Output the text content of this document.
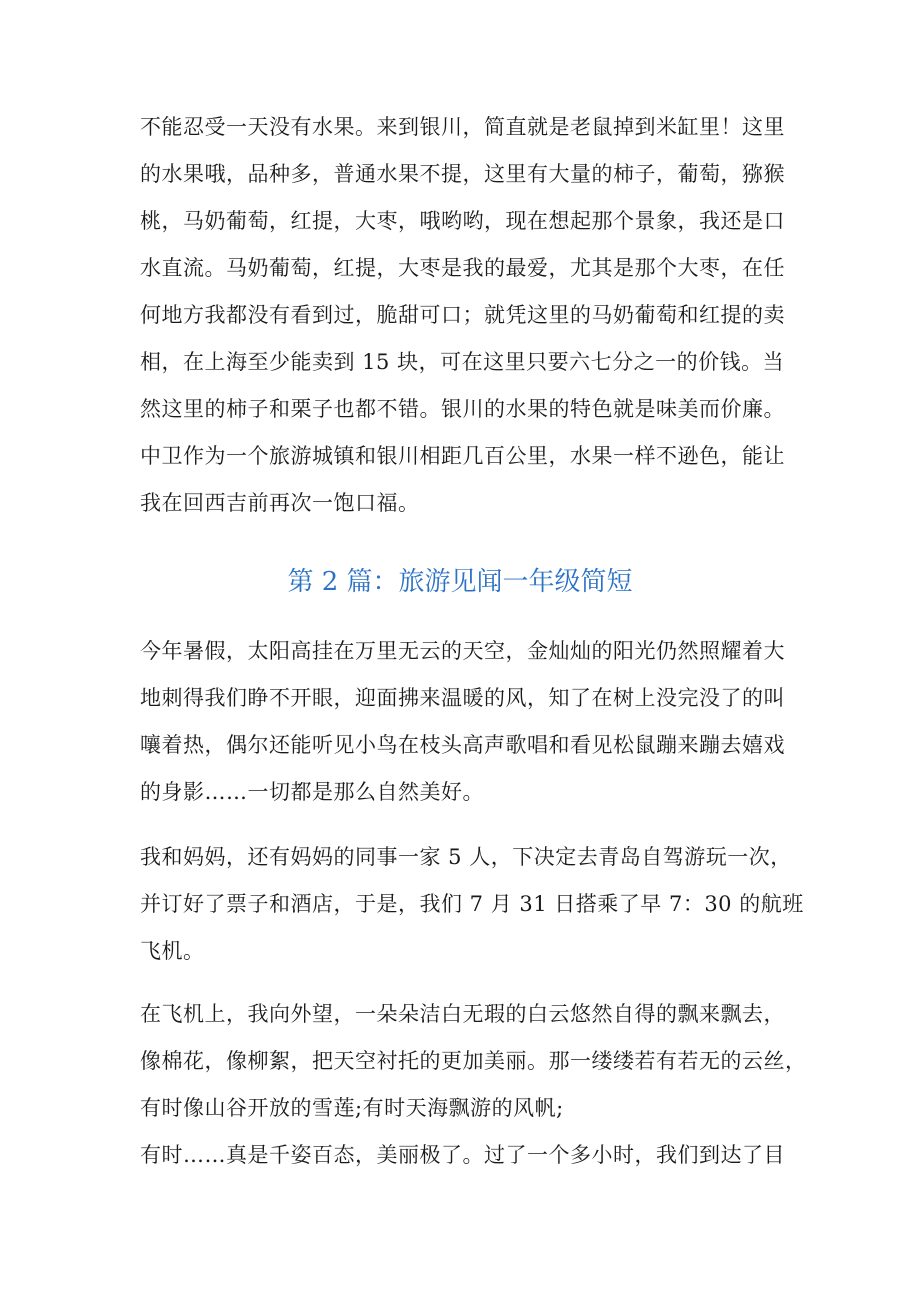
不能忍受一天没有水果。来到银川，简直就是老鼠掉到米缸里！这里
的水果哦，品种多，普通水果不提，这里有大量的柿子，葡萄，猕猴
桃，马奶葡萄，红提，大枣，哦哟哟，现在想起那个景象，我还是口
水直流。马奶葡萄，红提，大枣是我的最爱，尤其是那个大枣，在任
何地方我都没有看到过，脆甜可口；就凭这里的马奶葡萄和红提的卖
相，在上海至少能卖到 15 块，可在这里只要六七分之一的价钱。当
然这里的柿子和栗子也都不错。银川的水果的特色就是味美而价廉。
中卫作为一个旅游城镇和银川相距几百公里，水果一样不逊色，能让
我在回西吉前再次一饱口福。
第 2 篇：旅游见闻一年级简短
今年暑假，太阳高挂在万里无云的天空，金灿灿的阳光仍然照耀着大
地刺得我们睁不开眼，迎面拂来温暖的风，知了在树上没完没了的叫
嚷着热，偶尔还能听见小鸟在枝头高声歌唱和看见松鼠蹦来蹦去嬉戏
的身影……一切都是那么自然美好。
我和妈妈，还有妈妈的同事一家 5 人，下决定去青岛自驾游玩一次，
并订好了票子和酒店，于是，我们 7 月 31 日搭乘了早 7：30 的航班
飞机。
在飞机上，我向外望，一朵朵洁白无瑕的白云悠然自得的飘来飘去，
像棉花，像柳絮，把天空衬托的更加美丽。那一缕缕若有若无的云丝，
有时像山谷开放的雪莲;有时天海飘游的风帆;
有时……真是千姿百态，美丽极了。过了一个多小时，我们到达了目
